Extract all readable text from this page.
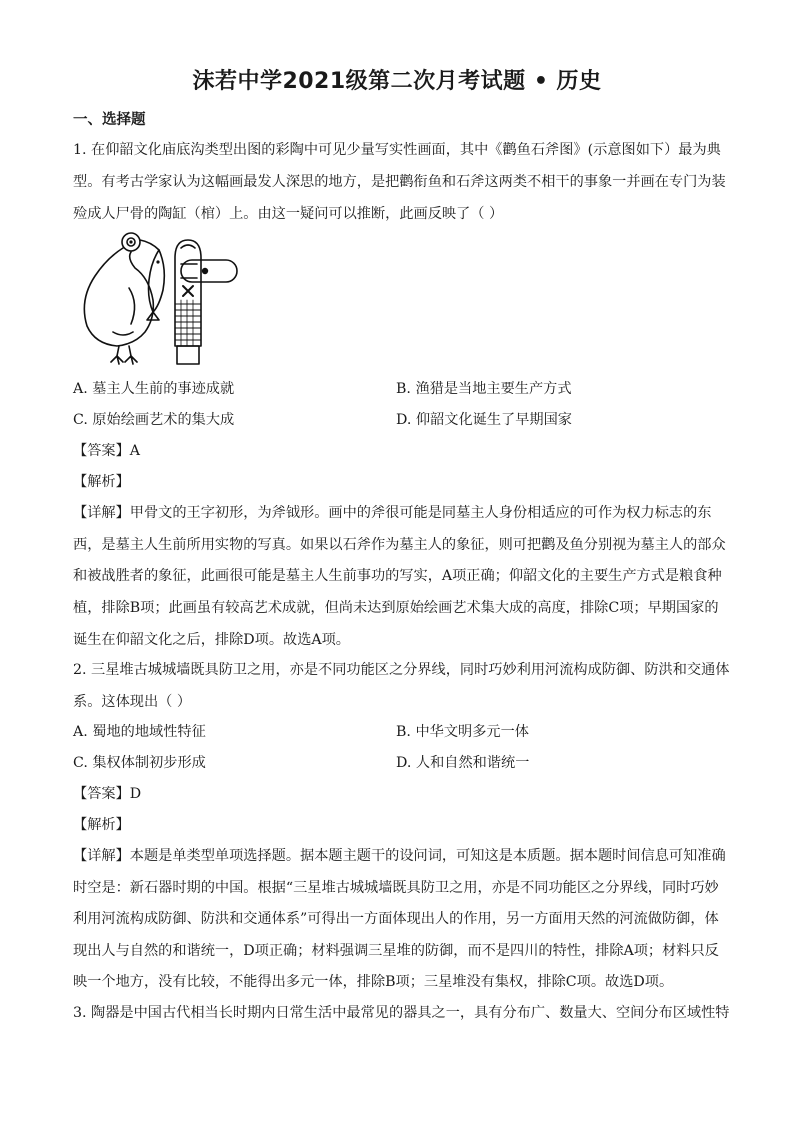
沫若中学2021级第二次月考试题 • 历史
一、选择题
1. 在仰韶文化庙底沟类型出图的彩陶中可见少量写实性画面，其中《鹳鱼石斧图》(示意图如下）最为典
型。有考古学家认为这幅画最发人深思的地方，是把鹳衔鱼和石斧这两类不相干的事象一并画在专门为装
殓成人尸骨的陶缸（棺）上。由这一疑问可以推断，此画反映了（ ）
A. 墓主人生前的事迹成就	B. 渔猎是当地主要生产方式
C. 原始绘画艺术的集大成	D. 仰韶文化诞生了早期国家
【答案】A
【解析】
【详解】甲骨文的王字初形，为斧钺形。画中的斧很可能是同墓主人身份相适应的可作为权力标志的东
西，是墓主人生前所用实物的写真。如果以石斧作为墓主人的象征，则可把鹳及鱼分别视为墓主人的部众
和被战胜者的象征，此画很可能是墓主人生前事功的写实，A项正确；仰韶文化的主要生产方式是粮食种
植，排除B项；此画虽有较高艺术成就，但尚未达到原始绘画艺术集大成的高度，排除C项；早期国家的
诞生在仰韶文化之后，排除D项。故选A项。
2. 三星堆古城城墙既具防卫之用，亦是不同功能区之分界线，同时巧妙利用河流构成防御、防洪和交通体
系。这体现出（ ）
A. 蜀地的地域性特征	B. 中华文明多元一体
C. 集权体制初步形成	D. 人和自然和谐统一
【答案】D
【解析】
【详解】本题是单类型单项选择题。据本题主题干的设问词，可知这是本质题。据本题时间信息可知准确
时空是：新石器时期的中国。根据“三星堆古城城墙既具防卫之用，亦是不同功能区之分界线，同时巧妙
利用河流构成防御、防洪和交通体系”可得出一方面体现出人的作用，另一方面用天然的河流做防御，体
现出人与自然的和谐统一，D项正确；材料强调三星堆的防御，而不是四川的特性，排除A项；材料只反
映一个地方，没有比较，不能得出多元一体，排除B项；三星堆没有集权，排除C项。故选D项。
3. 陶器是中国古代相当长时期内日常生活中最常见的器具之一，具有分布广、数量大、空间分布区域性特
